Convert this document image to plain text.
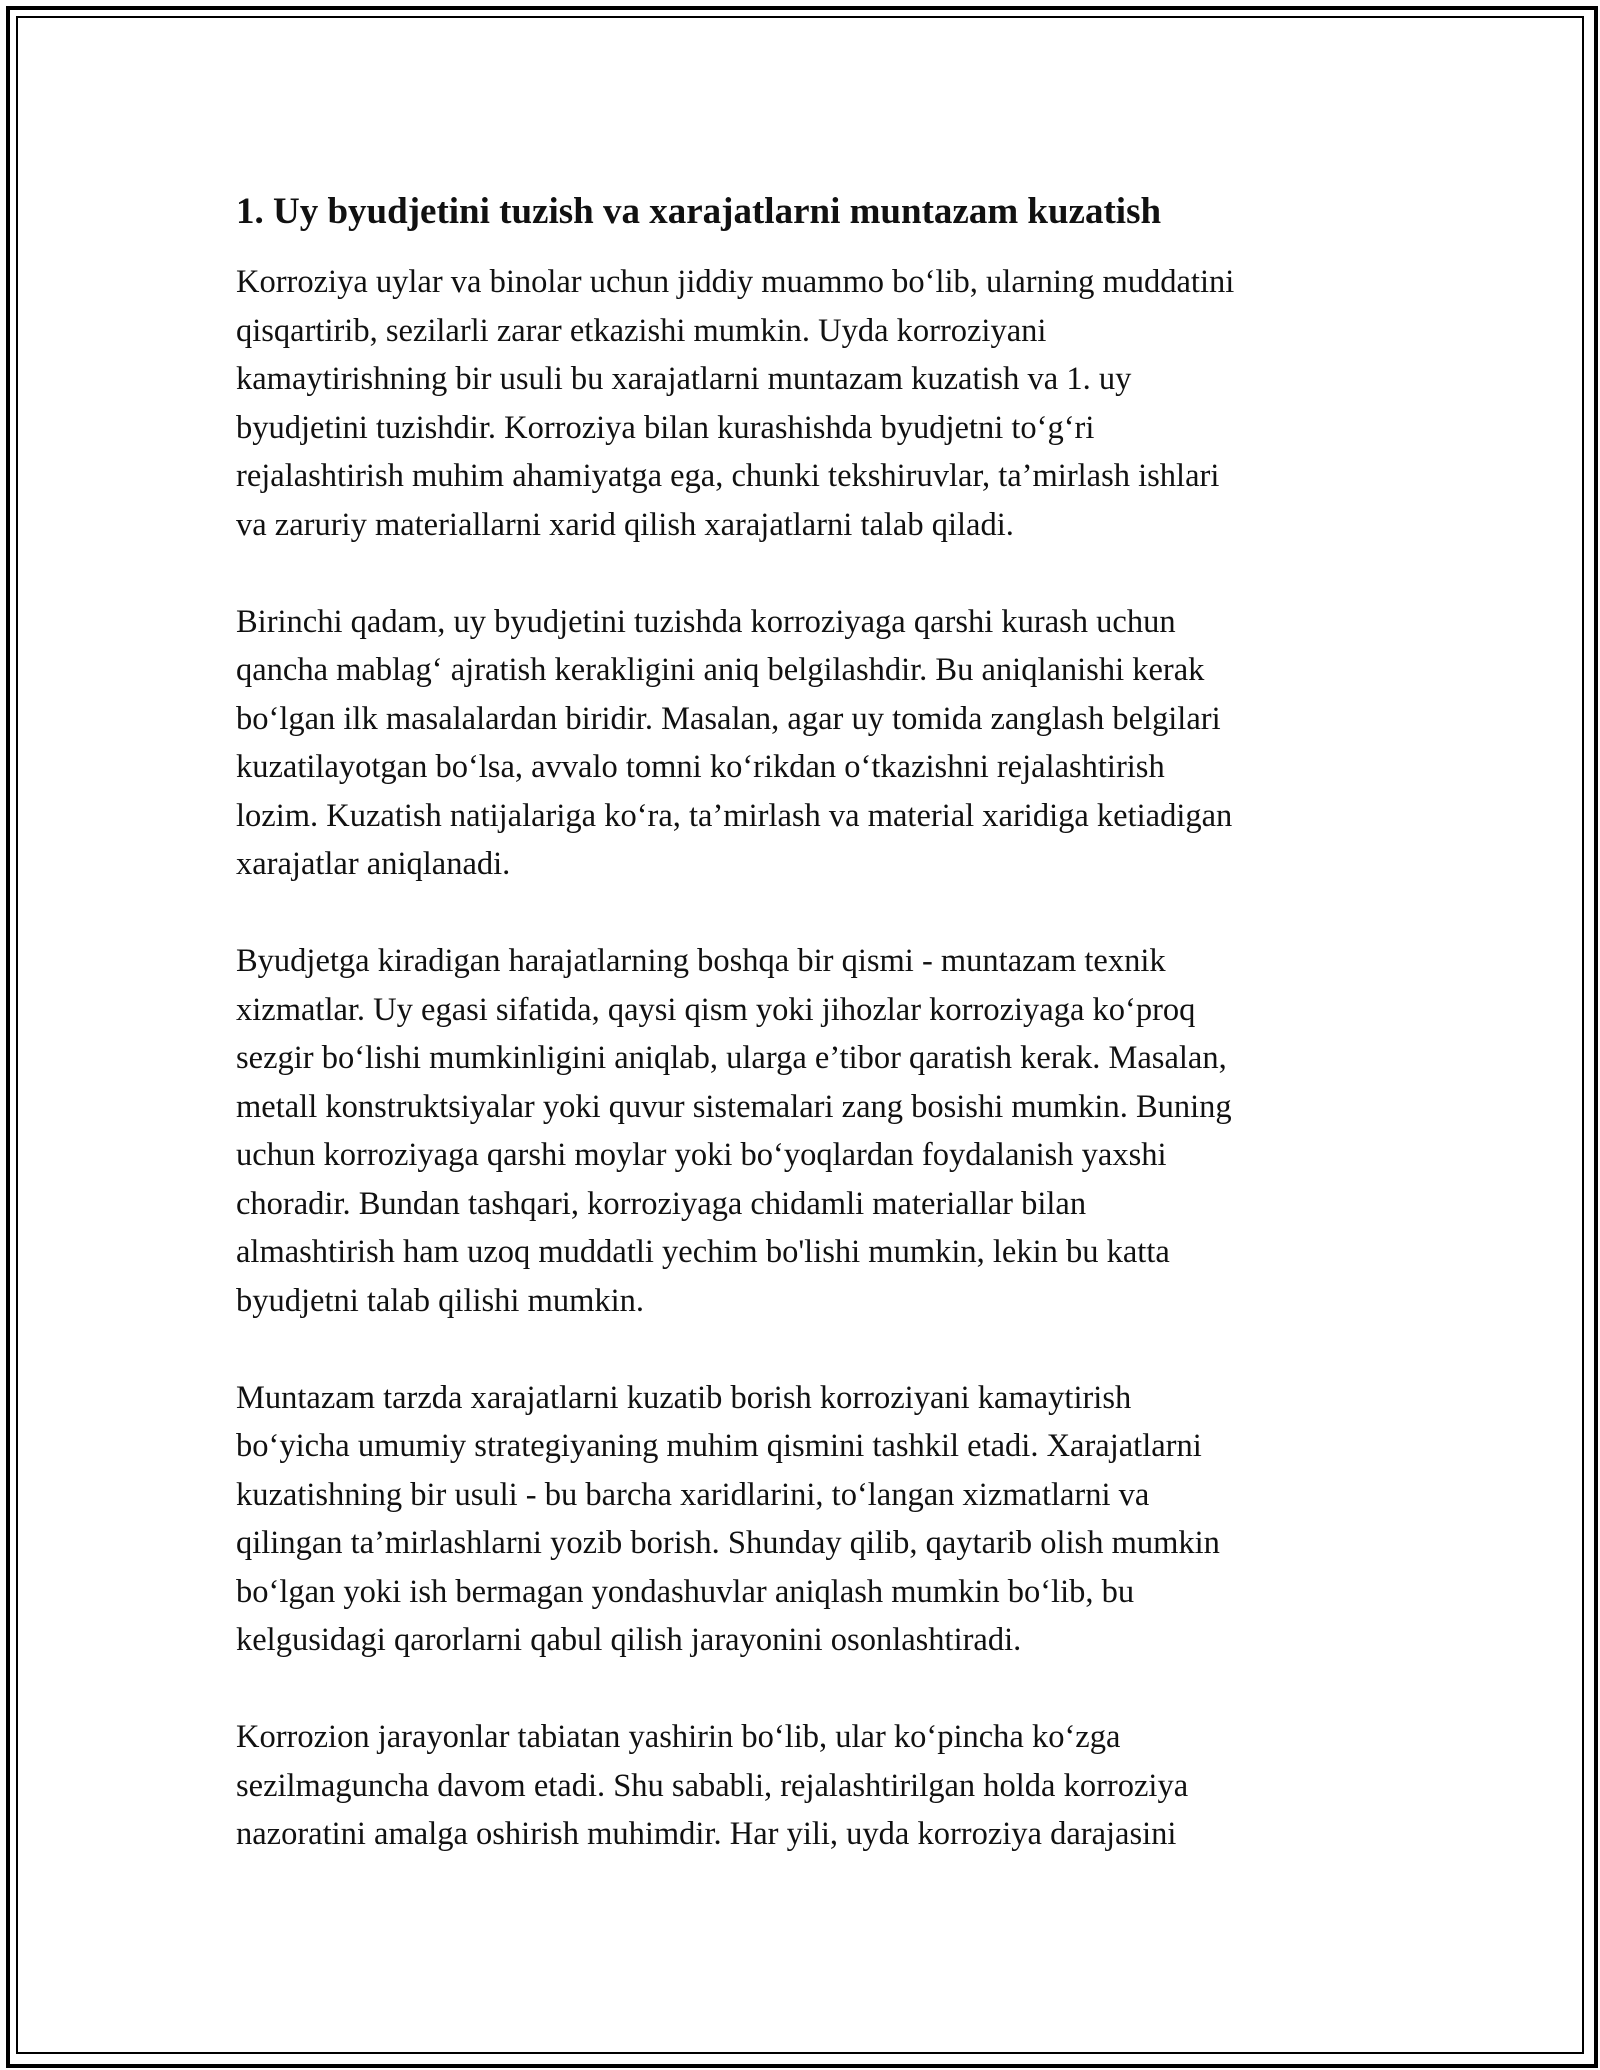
1. Uy byudjetini tuzish va xarajatlarni muntazam kuzatish

Korroziya uylar va binolar uchun jiddiy muammo bo‘lib, ularning muddatini
qisqartirib, sezilarli zarar etkazishi mumkin. Uyda korroziyani
kamaytirishning bir usuli bu xarajatlarni muntazam kuzatish va 1. uy
byudjetini tuzishdir. Korroziya bilan kurashishda byudjetni to‘g‘ri
rejalashtirish muhim ahamiyatga ega, chunki tekshiruvlar, ta’mirlash ishlari
va zaruriy materiallarni xarid qilish xarajatlarni talab qiladi.

Birinchi qadam, uy byudjetini tuzishda korroziyaga qarshi kurash uchun
qancha mablag‘ ajratish kerakligini aniq belgilashdir. Bu aniqlanishi kerak
bo‘lgan ilk masalalardan biridir. Masalan, agar uy tomida zanglash belgilari
kuzatilayotgan bo‘lsa, avvalo tomni ko‘rikdan o‘tkazishni rejalashtirish
lozim. Kuzatish natijalariga ko‘ra, ta’mirlash va material xaridiga ketiadigan
xarajatlar aniqlanadi.

Byudjetga kiradigan harajatlarning boshqa bir qismi - muntazam texnik
xizmatlar. Uy egasi sifatida, qaysi qism yoki jihozlar korroziyaga ko‘proq
sezgir bo‘lishi mumkinligini aniqlab, ularga e’tibor qaratish kerak. Masalan,
metall konstruktsiyalar yoki quvur sistemalari zang bosishi mumkin. Buning
uchun korroziyaga qarshi moylar yoki bo‘yoqlardan foydalanish yaxshi
choradir. Bundan tashqari, korroziyaga chidamli materiallar bilan
almashtirish ham uzoq muddatli yechim bo'lishi mumkin, lekin bu katta
byudjetni talab qilishi mumkin.

Muntazam tarzda xarajatlarni kuzatib borish korroziyani kamaytirish
bo‘yicha umumiy strategiyaning muhim qismini tashkil etadi. Xarajatlarni
kuzatishning bir usuli - bu barcha xaridlarini, to‘langan xizmatlarni va
qilingan ta’mirlashlarni yozib borish. Shunday qilib, qaytarib olish mumkin
bo‘lgan yoki ish bermagan yondashuvlar aniqlash mumkin bo‘lib, bu
kelgusidagi qarorlarni qabul qilish jarayonini osonlashtiradi.

Korrozion jarayonlar tabiatan yashirin bo‘lib, ular ko‘pincha ko‘zga
sezilmaguncha davom etadi. Shu sababli, rejalashtirilgan holda korroziya
nazoratini amalga oshirish muhimdir. Har yili, uyda korroziya darajasini
